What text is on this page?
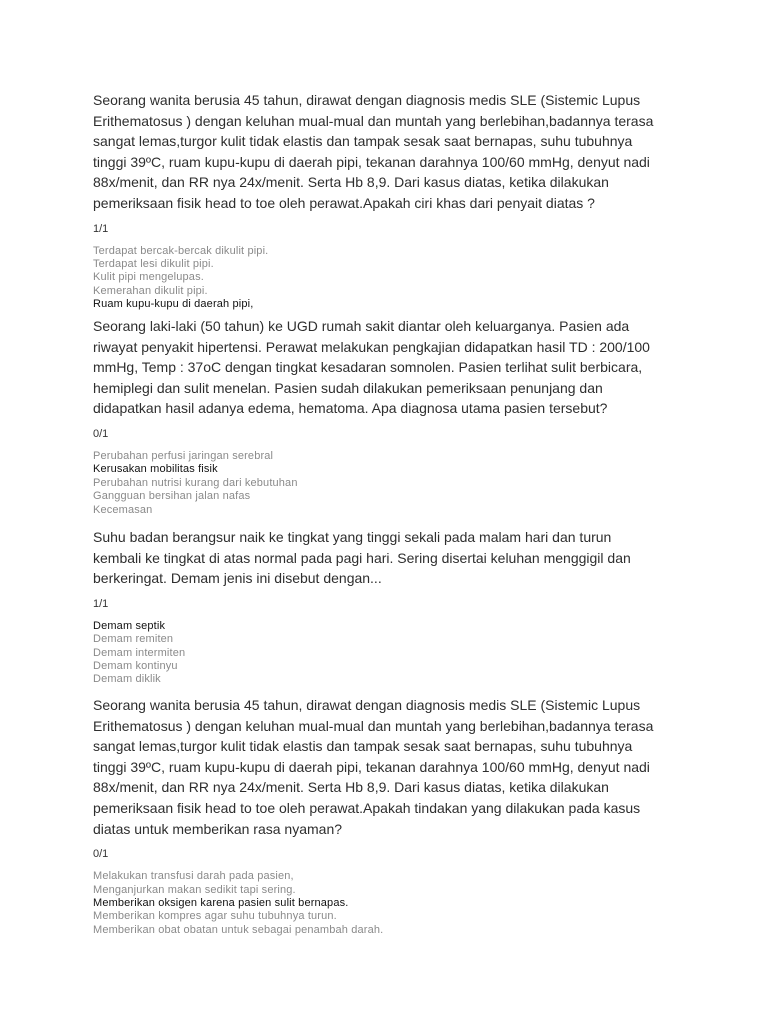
Seorang wanita berusia 45 tahun, dirawat dengan diagnosis medis SLE (Sistemic Lupus
Erithematosus ) dengan keluhan mual-mual dan muntah yang berlebihan,badannya terasa
sangat lemas,turgor kulit tidak elastis dan tampak sesak saat bernapas, suhu tubuhnya
tinggi 39ºC, ruam kupu-kupu di daerah pipi, tekanan darahnya 100/60 mmHg, denyut nadi
88x/menit, dan RR nya 24x/menit. Serta Hb 8,9. Dari kasus diatas, ketika dilakukan
pemeriksaan fisik head to toe oleh perawat.Apakah ciri khas dari penyait diatas ?

1/1

Terdapat bercak-bercak dikulit pipi.
Terdapat lesi dikulit pipi.
Kulit pipi mengelupas.
Kemerahan dikulit pipi.
Ruam kupu-kupu di daerah pipi,

Seorang laki-laki (50 tahun) ke UGD rumah sakit diantar oleh keluarganya. Pasien ada
riwayat penyakit hipertensi. Perawat melakukan pengkajian didapatkan hasil TD : 200/100
mmHg, Temp : 37oC dengan tingkat kesadaran somnolen. Pasien terlihat sulit berbicara,
hemiplegi dan sulit menelan. Pasien sudah dilakukan pemeriksaan penunjang dan
didapatkan hasil adanya edema, hematoma. Apa diagnosa utama pasien tersebut?

0/1

Perubahan perfusi jaringan serebral
Kerusakan mobilitas fisik
Perubahan nutrisi kurang dari kebutuhan
Gangguan bersihan jalan nafas
Kecemasan

Suhu badan berangsur naik ke tingkat yang tinggi sekali pada malam hari dan turun
kembali ke tingkat di atas normal pada pagi hari. Sering disertai keluhan menggigil dan
berkeringat. Demam jenis ini disebut dengan...

1/1

Demam septik
Demam remiten
Demam intermiten
Demam kontinyu
Demam diklik

Seorang wanita berusia 45 tahun, dirawat dengan diagnosis medis SLE (Sistemic Lupus
Erithematosus ) dengan keluhan mual-mual dan muntah yang berlebihan,badannya terasa
sangat lemas,turgor kulit tidak elastis dan tampak sesak saat bernapas, suhu tubuhnya
tinggi 39ºC, ruam kupu-kupu di daerah pipi, tekanan darahnya 100/60 mmHg, denyut nadi
88x/menit, dan RR nya 24x/menit. Serta Hb 8,9. Dari kasus diatas, ketika dilakukan
pemeriksaan fisik head to toe oleh perawat.Apakah tindakan yang dilakukan pada kasus
diatas untuk memberikan rasa nyaman?

0/1

Melakukan transfusi darah pada pasien,
Menganjurkan makan sedikit tapi sering.
Memberikan oksigen karena pasien sulit bernapas.
Memberikan kompres agar suhu tubuhnya turun.
Memberikan obat obatan untuk sebagai penambah darah.
